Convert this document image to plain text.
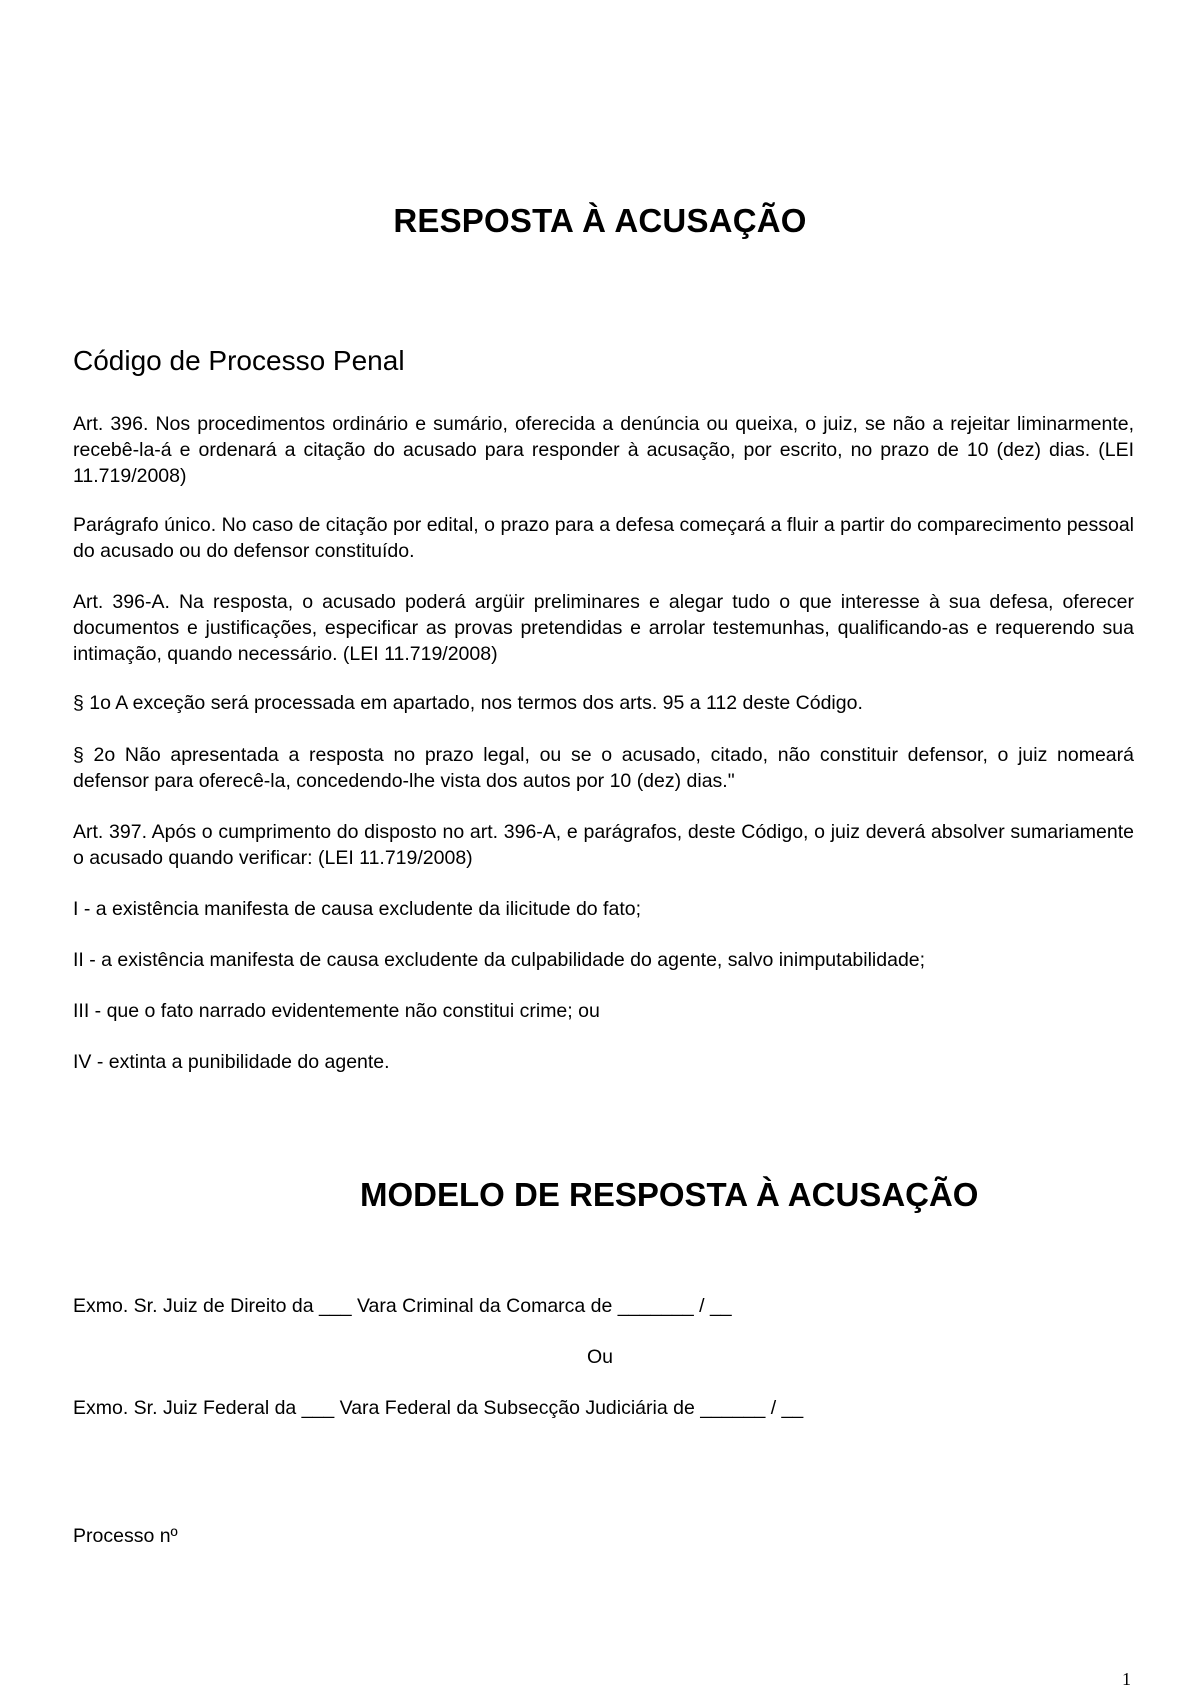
RESPOSTA À ACUSAÇÃO
Código de Processo Penal
Art. 396. Nos procedimentos ordinário e sumário, oferecida a denúncia ou queixa, o juiz, se não a rejeitar liminarmente, recebê-la-á e ordenará a citação do acusado para responder à acusação, por escrito, no prazo de 10 (dez) dias. (LEI 11.719/2008)
Parágrafo único. No caso de citação por edital, o prazo para a defesa começará a fluir a partir do comparecimento pessoal do acusado ou do defensor constituído.
Art. 396-A. Na resposta, o acusado poderá argüir preliminares e alegar tudo o que interesse à sua defesa, oferecer documentos e justificações, especificar as provas pretendidas e arrolar testemunhas, qualificando-as e requerendo sua intimação, quando necessário. (LEI 11.719/2008)
§ 1o A exceção será processada em apartado, nos termos dos arts. 95 a 112 deste Código.
§ 2o Não apresentada a resposta no prazo legal, ou se o acusado, citado, não constituir defensor, o juiz nomeará defensor para oferecê-la, concedendo-lhe vista dos autos por 10 (dez) dias."
Art. 397. Após o cumprimento do disposto no art. 396-A, e parágrafos, deste Código, o juiz deverá absolver sumariamente o acusado quando verificar: (LEI 11.719/2008)
I - a existência manifesta de causa excludente da ilicitude do fato;
II - a existência manifesta de causa excludente da culpabilidade do agente, salvo inimputabilidade;
III - que o fato narrado evidentemente não constitui crime; ou
IV - extinta a punibilidade do agente.
MODELO DE RESPOSTA À ACUSAÇÃO
Exmo. Sr. Juiz de Direito da ___ Vara Criminal da Comarca de _______ / __
Ou
Exmo. Sr. Juiz Federal da ___ Vara Federal da Subsecção Judiciária de ______ / __
Processo nº
1
